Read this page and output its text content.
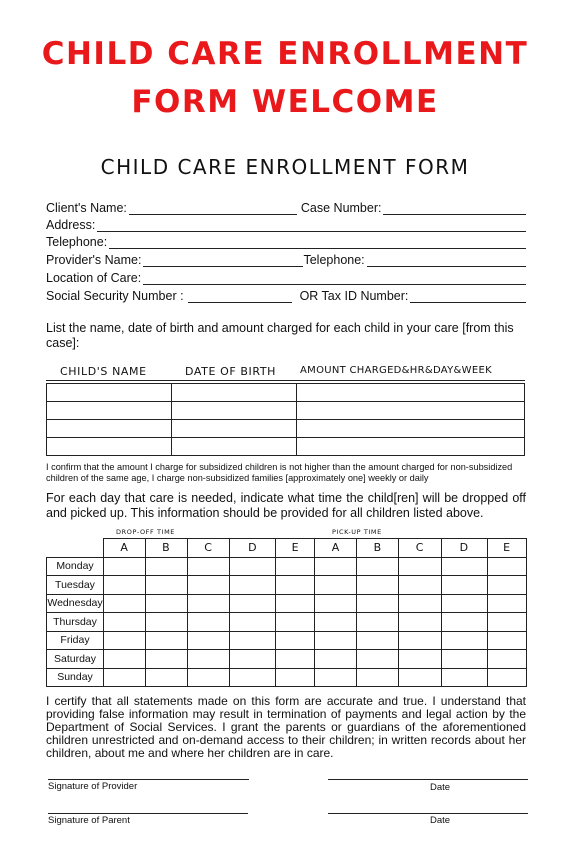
CHILD CARE ENROLLMENT
FORM WELCOME
CHILD CARE ENROLLMENT FORM
Client's Name:	Case Number:
Address:
Telephone:
Provider's Name:	Telephone:
Location of Care:
Social Security Number :	OR Tax ID Number:
List the name, date of birth and amount charged for each child in your care [from this case]:
CHILD'S NAME	DATE OF BIRTH AMOUNT CHARGED&HR&DAY&WEEK

I confirm that the amount I charge for subsidized children is not higher than the amount charged for non-subsidized children of the same age, I charge non-subsidized families [approximately one] weekly or daily
For each day that care is needed, indicate what time the child[ren] will be dropped off and picked up. This information should be provided for all children listed above.
DROP-OFF TIME	PICK-UP TIME
	A	B	C	D	E	A	B	C	D	E
Monday										
Tuesday										
Wednesday										
Thursday										
Friday										
Saturday										
Sunday										
I certify that all statements made on this form are accurate and true. I understand that providing false information may result in termination of payments and legal action by the Department of Social Services. I grant the parents or guardians of the aforementioned children unrestricted and on-demand access to their children; in written records about her children, about me and where her children are in care.
Signature of Provider	Date
Signature of Parent	Date
